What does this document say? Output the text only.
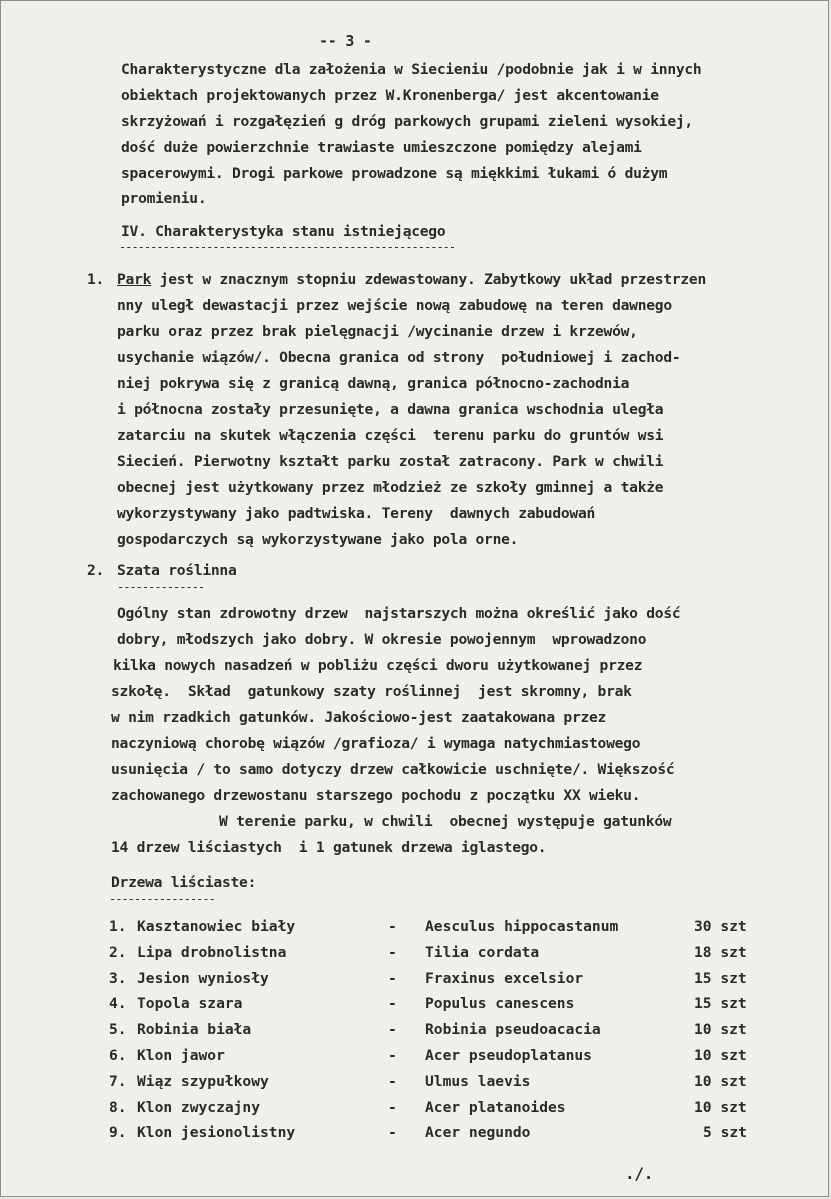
-- 3 -
Charakterystyczne dla założenia w Siecieniu /podobnie jak i w innych
obiektach projektowanych przez W.Kronenberga/ jest akcentowanie
skrzyżowań i rozgałęzień g dróg parkowych grupami zieleni wysokiej,
dość duże powierzchnie trawiaste umieszczone pomiędzy alejami
spacerowymi. Drogi parkowe prowadzone są miękkimi łukami ó dużym
promieniu.
IV. Charakterystyka stanu istniejącego
------------------------------------------------------
1. Park jest w znacznym stopniu zdewastowany. Zabytkowy układ przestrzen
nny uległ dewastacji przez wejście nową zabudowę na teren dawnego
parku oraz przez brak pielęgnacji /wycinanie drzew i krzewów,
usychanie wiązów/. Obecna granica od strony  południowej i zachod-
niej pokrywa się z granicą dawną, granica północno-zachodnia
i północna zostały przesunięte, a dawna granica wschodnia uległa
zatarciu na skutek włączenia części  terenu parku do gruntów wsi
Siecień. Pierwotny kształt parku został zatracony. Park w chwili
obecnej jest użytkowany przez młodzież ze szkoły gminnej a także
wykorzystywany jako padtwiska. Tereny  dawnych zabudowań
gospodarczych są wykorzystywane jako pola orne.
2. Szata roślinna
--------------
Ogólny stan zdrowotny drzew  najstarszych można określić jako dość
dobry, młodszych jako dobry. W okresie powojennym  wprowadzono
kilka nowych nasadzeń w pobliżu części dworu użytkowanej przez
szkołę.  Skład  gatunkowy szaty roślinnej  jest skromny, brak
w nim rzadkich gatunków. Jakościowo-jest zaatakowana przez
naczyniową chorobę wiązów /grafioza/ i wymaga natychmiastowego
usunięcia / to samo dotyczy drzew całkowicie uschnięte/. Większość
zachowanego drzewostanu starszego pochodu z początku XX wieku.
W terenie parku, w chwili  obecnej występuje gatunków
14 drzew liściastych  i 1 gatunek drzewa iglastego.
Drzewa liściaste:
-----------------
1. Kasztanowiec biały	- Aesculus hippocastanum	30 szt
2. Lipa drobnolistna	- Tilia cordata	18 szt
3. Jesion wyniosły	- Fraxinus excelsior	15 szt
4. Topola szara	- Populus canescens	15 szt
5. Robinia biała	- Robinia pseudoacacia	10 szt
6. Klon jawor	- Acer pseudoplatanus	10 szt
7. Wiąz szypułkowy	- Ulmus laevis	10 szt
8. Klon zwyczajny	- Acer platanoides	10 szt
9. Klon jesionolistny	- Acer negundo	5 szt
./.
